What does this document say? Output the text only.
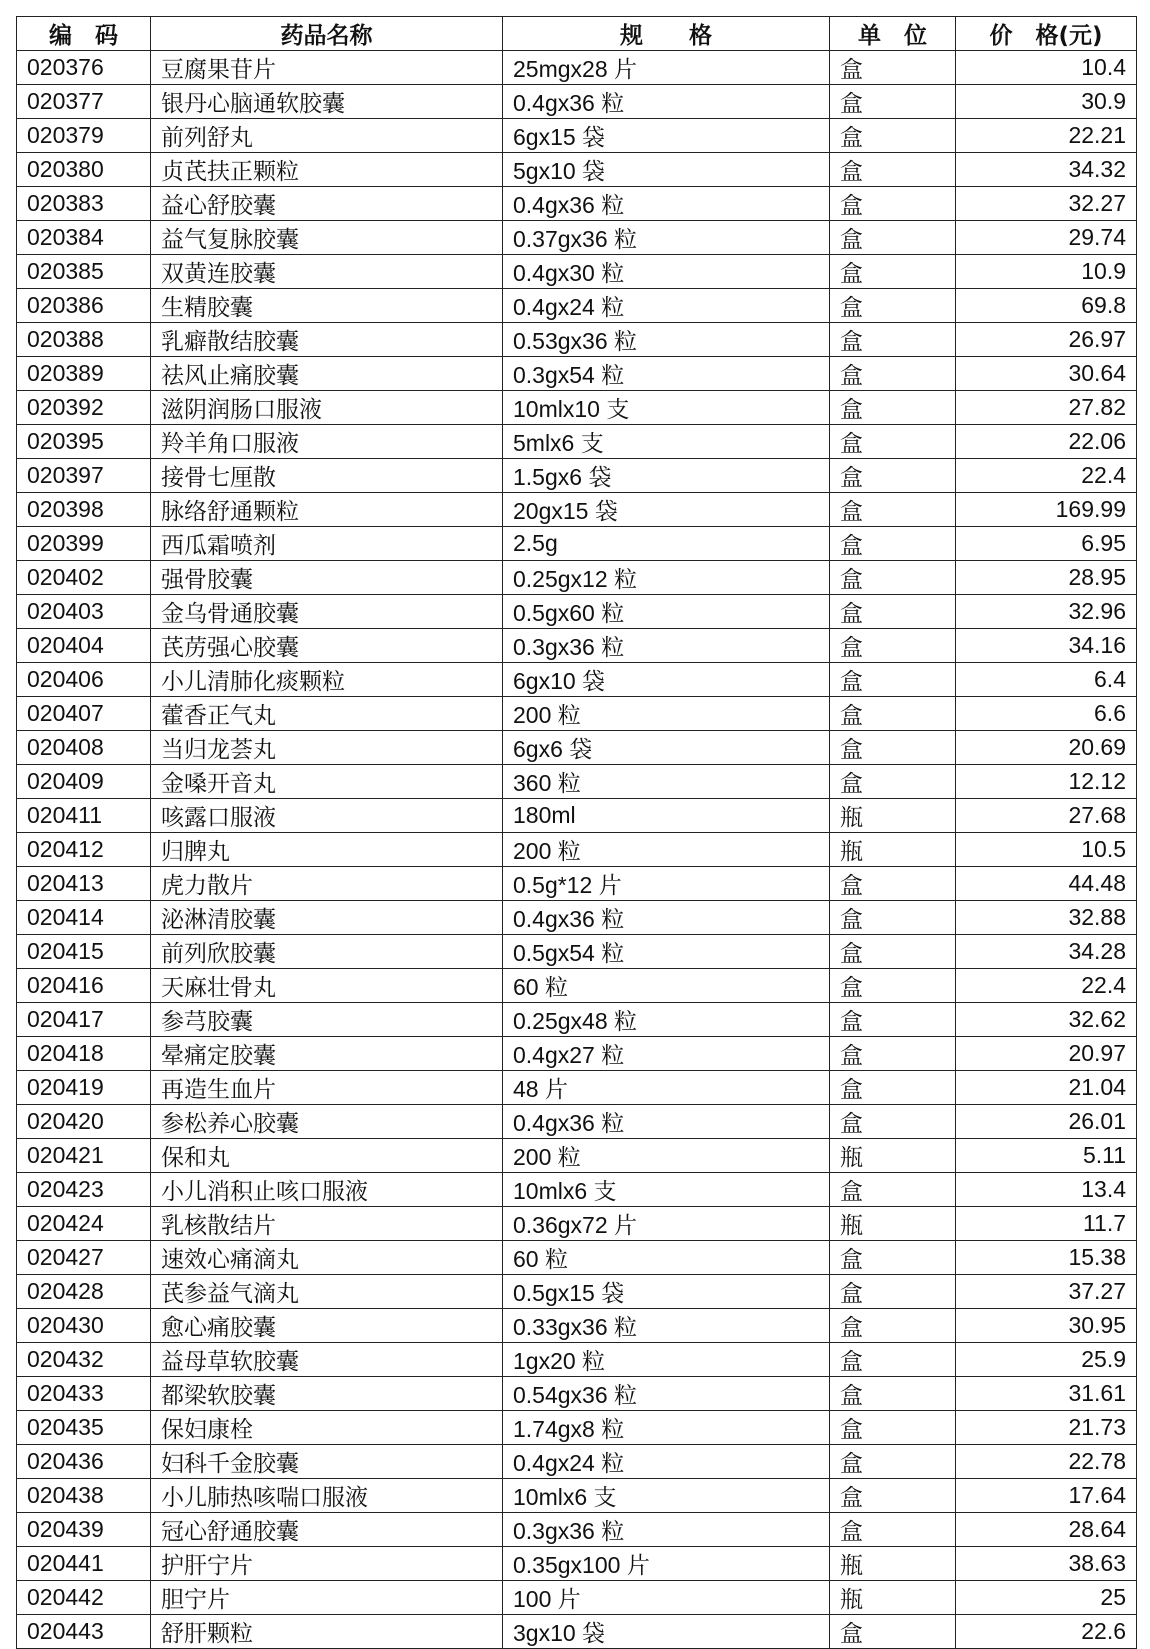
编　码	药品名称	规　　格	单　位	价　格(元)
020376	豆腐果苷片	25mgx28 片	盒	10.4
020377	银丹心脑通软胶囊	0.4gx36 粒	盒	30.9
020379	前列舒丸	6gx15 袋	盒	22.21
020380	贞芪扶正颗粒	5gx10 袋	盒	34.32
020383	益心舒胶囊	0.4gx36 粒	盒	32.27
020384	益气复脉胶囊	0.37gx36 粒	盒	29.74
020385	双黄连胶囊	0.4gx30 粒	盒	10.9
020386	生精胶囊	0.4gx24 粒	盒	69.8
020388	乳癖散结胶囊	0.53gx36 粒	盒	26.97
020389	祛风止痛胶囊	0.3gx54 粒	盒	30.64
020392	滋阴润肠口服液	10mlx10 支	盒	27.82
020395	羚羊角口服液	5mlx6 支	盒	22.06
020397	接骨七厘散	1.5gx6 袋	盒	22.4
020398	脉络舒通颗粒	20gx15 袋	盒	169.99
020399	西瓜霜喷剂	2.5g	盒	6.95
020402	强骨胶囊	0.25gx12 粒	盒	28.95
020403	金乌骨通胶囊	0.5gx60 粒	盒	32.96
020404	芪苈强心胶囊	0.3gx36 粒	盒	34.16
020406	小儿清肺化痰颗粒	6gx10 袋	盒	6.4
020407	藿香正气丸	200 粒	盒	6.6
020408	当归龙荟丸	6gx6 袋	盒	20.69
020409	金嗓开音丸	360 粒	盒	12.12
020411	咳露口服液	180ml	瓶	27.68
020412	归脾丸	200 粒	瓶	10.5
020413	虎力散片	0.5g*12 片	盒	44.48
020414	泌淋清胶囊	0.4gx36 粒	盒	32.88
020415	前列欣胶囊	0.5gx54 粒	盒	34.28
020416	天麻壮骨丸	60 粒	盒	22.4
020417	参芎胶囊	0.25gx48 粒	盒	32.62
020418	晕痛定胶囊	0.4gx27 粒	盒	20.97
020419	再造生血片	48 片	盒	21.04
020420	参松养心胶囊	0.4gx36 粒	盒	26.01
020421	保和丸	200 粒	瓶	5.11
020423	小儿消积止咳口服液	10mlx6 支	盒	13.4
020424	乳核散结片	0.36gx72 片	瓶	11.7
020427	速效心痛滴丸	60 粒	盒	15.38
020428	芪参益气滴丸	0.5gx15 袋	盒	37.27
020430	愈心痛胶囊	0.33gx36 粒	盒	30.95
020432	益母草软胶囊	1gx20 粒	盒	25.9
020433	都梁软胶囊	0.54gx36 粒	盒	31.61
020435	保妇康栓	1.74gx8 粒	盒	21.73
020436	妇科千金胶囊	0.4gx24 粒	盒	22.78
020438	小儿肺热咳喘口服液	10mlx6 支	盒	17.64
020439	冠心舒通胶囊	0.3gx36 粒	盒	28.64
020441	护肝宁片	0.35gx100 片	瓶	38.63
020442	胆宁片	100 片	瓶	25
020443	舒肝颗粒	3gx10 袋	盒	22.6
